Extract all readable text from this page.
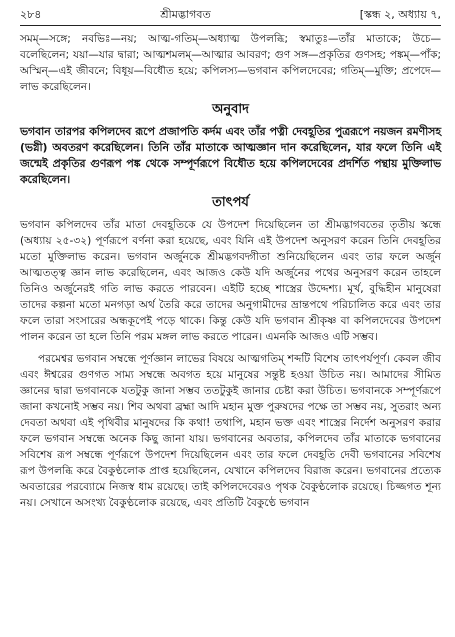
২৮৪	শ্রীমদ্ভাগবত	[স্কন্ধ ২, অধ্যায় ৭,

সমম্—সঙ্গে; নবভিঃ—নয়; আত্ম-গতিম্—অধ্যাত্ম উপলব্ধি; স্বমাতুঃ—তাঁর মাতাকে; উচে—বলেছিলেন; যয়া—যার দ্বারা; আত্মশমলম্—আত্মার আবরণ; গুণ সঙ্গ—প্রকৃতির গুণসহ; পঙ্কম্—পাঁক; অস্মিন্—এই জীবনে; বিধূয়—বিধৌত হয়ে; কপিলস্য—ভগবান কপিলদেবের; গতিম্—মুক্তি; প্রপেদে—লাভ করেছিলেন।

অনুবাদ

ভগবান তারপর কপিলদেব রূপে প্রজাপতি কর্দম এবং তাঁর পত্নী দেবহূতির পুত্ররূপে নয়জন রমণীসহ (ভগ্নী) অবতরণ করেছিলেন। তিনি তাঁর মাতাকে আত্মজ্ঞান দান করেছিলেন, যার ফলে তিনি এই জন্মেই প্রকৃতির গুণরূপ পঙ্ক থেকে সম্পূর্ণরূপে বিধৌত হয়ে কপিলদেবের প্রদর্শিত পন্থায় মুক্তিলাভ করেছিলেন।

তাৎপর্য

ভগবান কপিলদেব তাঁর মাতা দেবহূতিকে যে উপদেশ দিয়েছিলেন তা শ্রীমদ্ভাগবতের তৃতীয় স্কন্ধে (অধ্যায় ২৫-৩২) পূর্ণরূপে বর্ণনা করা হয়েছে, এবং যিনি এই উপদেশ অনুসরণ করেন তিনি দেবহূতির মতো মুক্তিলাভ করেন। ভগবান অর্জুনকে শ্রীমদ্ভগবদ্গীতা শুনিয়েছিলেন এবং তার ফলে অর্জুন আত্মতত্ত্ব জ্ঞান লাভ করেছিলেন, এবং আজও কেউ যদি অর্জুনের পথের অনুসরণ করেন তাহলে তিনিও অর্জুনেরই গতি লাভ করতে পারবেন। এইটি হচ্ছে শাস্ত্রের উদ্দেশ্য। মূর্খ, বুদ্ধিহীন মানুষেরা তাদের কল্পনা মতো মনগড়া অর্থ তৈরি করে তাদের অনুগামীদের ভ্রান্তপথে পরিচালিত করে এবং তার ফলে তারা সংসারের অন্ধকূপেই পড়ে থাকে। কিন্তু কেউ যদি ভগবান শ্রীকৃষ্ণ বা কপিলদেবের উপদেশ পালন করেন তা হলে তিনি পরম মঙ্গল লাভ করতে পারেন। এমনকি আজও এটি সম্ভব।

পরমেশ্বর ভগবান সম্বন্ধে পূর্ণজ্ঞান লাভের বিষয়ে আত্মগতিম্ শব্দটি বিশেষ তাৎপর্যপূর্ণ। কেবল জীব এবং ঈশ্বরের গুণগত সাম্য সম্বন্ধে অবগত হয়ে মানুষের সন্তুষ্ট হওয়া উচিত নয়। আমাদের সীমিত জ্ঞানের দ্বারা ভগবানকে যতটুকু জানা সম্ভব ততটুকুই জানার চেষ্টা করা উচিত। ভগবানকে সম্পূর্ণরূপে জানা কখনোই সম্ভব নয়। শিব অথবা ব্রহ্মা আদি মহান মুক্ত পুরুষদের পক্ষে তা সম্ভব নয়, সুতরাং অন্য দেবতা অথবা এই পৃথিবীর মানুষদের কি কথা! তথাপি, মহান ভক্ত এবং শাস্ত্রের নির্দেশ অনুসরণ করার ফলে ভগবান সম্বন্ধে অনেক কিছু জানা যায়। ভগবানের অবতার, কপিলদেব তাঁর মাতাকে ভগবানের সবিশেষ রূপ সম্বন্ধে পূর্ণরূপে উপদেশ দিয়েছিলেন এবং তার ফলে দেবহূতি দেবী ভগবানের সবিশেষ রূপ উপলব্ধি করে বৈকুণ্ঠলোক প্রাপ্ত হয়েছিলেন, যেখানে কপিলদেব বিরাজ করেন। ভগবানের প্রত্যেক অবতারের পরব্যোমে নিজস্ব ধাম রয়েছে। তাই কপিলদেবেরও পৃথক বৈকুণ্ঠলোক রয়েছে। চিজ্জগত শূন্য নয়। সেখানে অসংখ্য বৈকুণ্ঠলোক রয়েছে, এবং প্রতিটি বৈকুণ্ঠে ভগবান
